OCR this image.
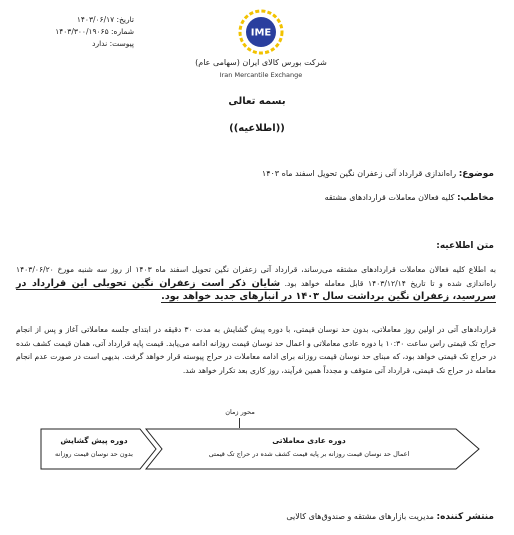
تاریخ: ۱۴۰۳/۰۶/۱۷
شماره: ۱۴۰۳/۳۰۰/۱۹۰۶۵
پیوست: ندارد
IME
شرکت بورس کالای ایران (سهامی عام)
Iran Mercantile Exchange
بسمه تعالی
((اطلاعیه))
موضوع: راه‌اندازی قرارداد آتی زعفران نگین تحویل اسفند ماه ۱۴۰۳
مخاطب: کلیه فعالان معاملات قراردادهای مشتقه
متن اطلاعیه:
به اطلاع کلیه فعالان معاملات قراردادهای مشتقه می‌رساند، قرارداد آتی زعفران نگین تحویل اسفند ماه ۱۴۰۳ از روز سه شنبه مورخ ۱۴۰۳/۰۶/۲۰ راه‌اندازی شده و تا تاریخ ۱۴۰۳/۱۲/۱۴ قابل معامله خواهد بود. شایان ذکر است زعفران نگین تحویلی این قرارداد در سررسید، زعفران نگین برداشت سال ۱۴۰۳ در انبارهای جدید خواهد بود.
قراردادهای آتی در اولین روز معاملاتی، بدون حد نوسان قیمتی، با دوره پیش گشایش به مدت ۳۰ دقیقه در ابتدای جلسه معاملاتی آغاز و پس از انجام حراج تک قیمتی راس ساعت ۱۰:۳۰ با دوره عادی معاملاتی و اعمال حد نوسان قیمت روزانه ادامه می‌یابد. قیمت پایه قرارداد آتی، همان قیمت کشف شده در حراج تک قیمتی خواهد بود، که مبنای حد نوسان قیمت روزانه برای ادامه معاملات در حراج پیوسته قرار خواهد گرفت. بدیهی است در صورت عدم انجام معامله در حراج تک قیمتی، قرارداد آتی متوقف و مجدداً همین فرآیند، روز کاری بعد تکرار خواهد شد.
محور زمان
دوره پیش گشایش
بدون حد نوسان قیمت روزانه
دوره عادی معاملاتی
اعمال حد نوسان قیمت روزانه بر پایه قیمت کشف شده در حراج تک قیمتی
منتشر کننده: مدیریت بازارهای مشتقه و صندوق‌های کالایی
